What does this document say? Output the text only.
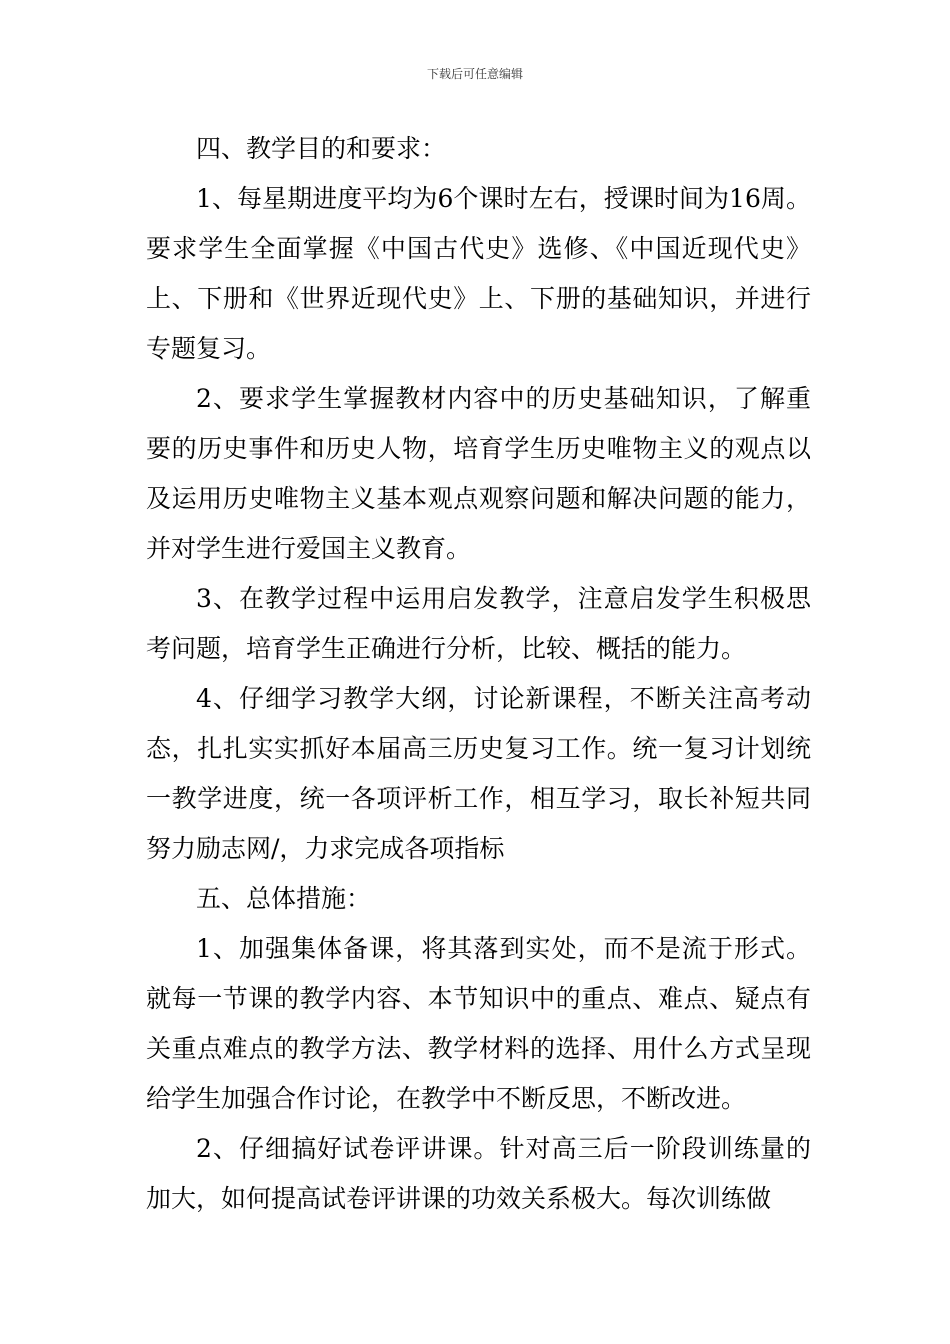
下载后可任意编辑

四、教学目的和要求：

1、每星期进度平均为6个课时左右，授课时间为16周。要求学生全面掌握《中国古代史》选修、《中国近现代史》上、下册和《世界近现代史》上、下册的基础知识，并进行专题复习。

2、要求学生掌握教材内容中的历史基础知识，了解重要的历史事件和历史人物，培育学生历史唯物主义的观点以及运用历史唯物主义基本观点观察问题和解决问题的能力，并对学生进行爱国主义教育。

3、在教学过程中运用启发教学，注意启发学生积极思考问题，培育学生正确进行分析，比较、概括的能力。

4、仔细学习教学大纲，讨论新课程，不断关注高考动态，扎扎实实抓好本届高三历史复习工作。统一复习计划统一教学进度，统一各项评析工作，相互学习，取长补短共同努力励志网/，力求完成各项指标

五、总体措施：

1、加强集体备课，将其落到实处，而不是流于形式。就每一节课的教学内容、本节知识中的重点、难点、疑点有关重点难点的教学方法、教学材料的选择、用什么方式呈现给学生加强合作讨论，在教学中不断反思，不断改进。

2、仔细搞好试卷评讲课。针对高三后一阶段训练量的加大，如何提高试卷评讲课的功效关系极大。每次训练做
